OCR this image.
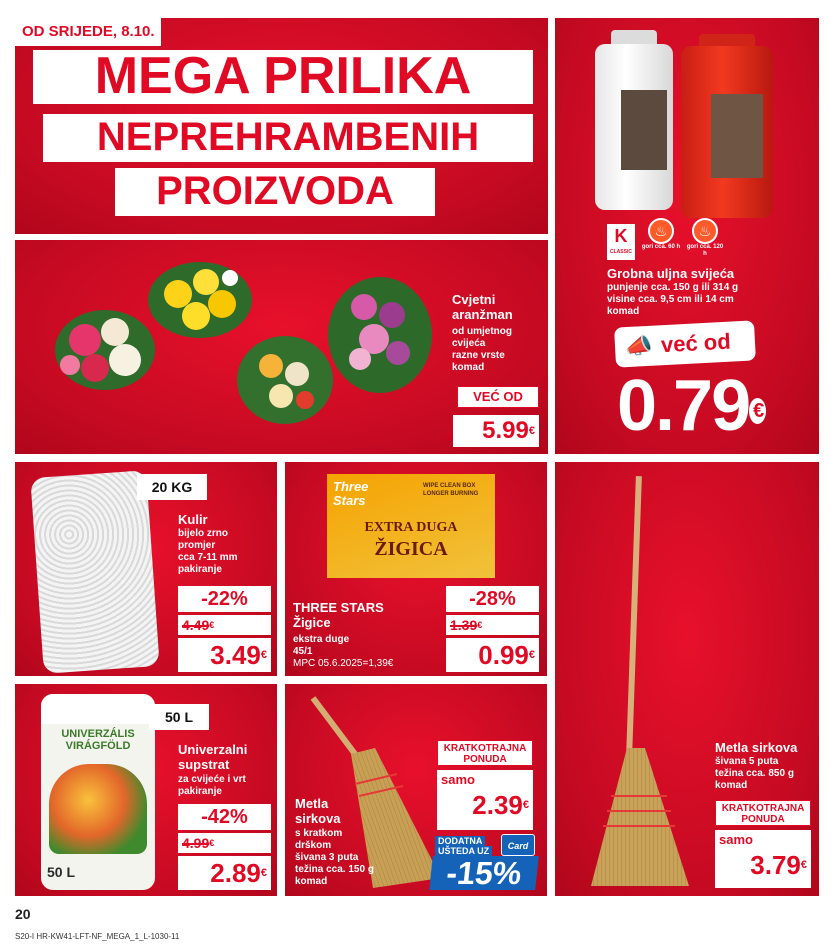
OD SRIJEDE, 8.10.
MEGA PRILIKA
NEPREHRAMBENIH
PROIZVODA
K
CLASSIC
♨
gori cca. 60 h
♨
gori cca. 120 h
Grobna uljna svijeća
punjenje cca. 150 g ili 314 g
visine cca. 9,5 cm ili 14 cm
komad
📣 već od
0.79 €
Cvjetni
aranžman
od umjetnog
cvijeća
razne vrste
komad
VEĆ OD
5.99€
20 KG
Kulir
bijelo zrno
promjer
cca 7-11 mm
pakiranje
-22%
4.49€
3.49€
Three Stars
WIPE CLEAN BOX
LONGER BURNING
EXTRA DUGA
ŽIGICA
THREE STARS
Žigice
ekstra duge
45/1
MPC 05.6.2025=1,39€
-28%
1.39€
0.99€
Metla sirkova
šivana 5 puta
težina cca. 850 g
komad
KRATKOTRAJNA
PONUDA
samo
3.79€
UNIVERZÁLIS
VIRÁGFÖLD
50 L
50 L
Univerzalni
supstrat
za cvijeće i vrt
pakiranje
-42%
4.99€
2.89€
Metla
sirkova
s kratkom
drškom
šivana 3 puta
težina cca. 150 g
komad
KRATKOTRAJNA
PONUDA
samo
2.39€
DODATNA
UŠTEDA UZ	Card
-15%
20
S20-I HR-KW41-LFT-NF_MEGA_1_L-1030-11
